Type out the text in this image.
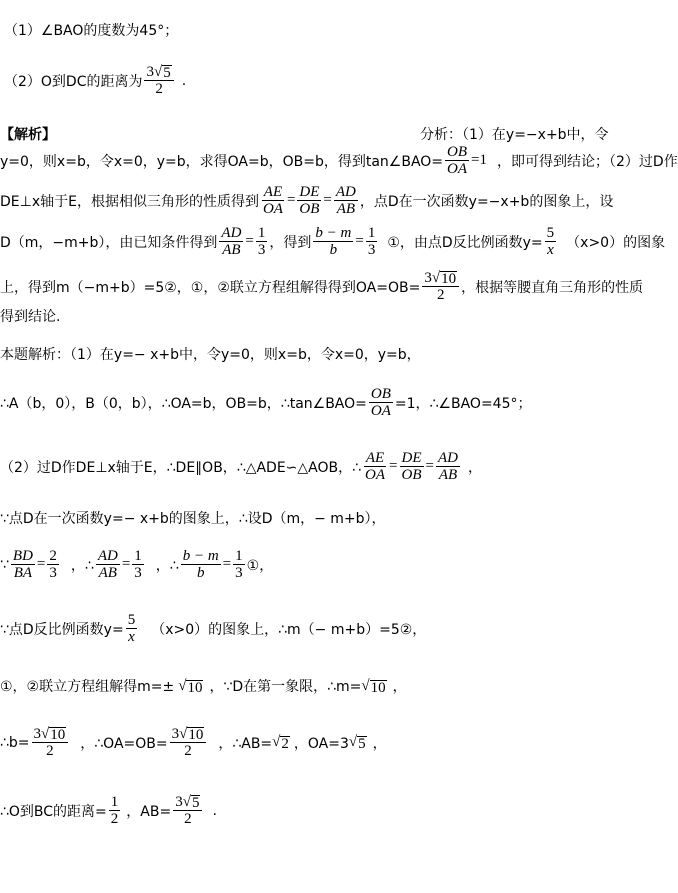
（1）∠BAO的度数为45°；
（2）O到DC的距离为 $\frac{3 √ 5}{2}$ .
【解析】	分析：（1）在y=−x+b中，令
y=0，则x=b，令x=0，y=b，求得OA=b，OB=b，得到tan∠BAO= $\frac{OB}{OA} =1$ ，即可得到结论；（2）过D作
DE⊥x轴于E，根据相似三角形的性质得到 $\frac{AE}{OA} = \frac{DE}{OB} = \frac{AD}{AB}$ ，点D在一次函数y=−x+b的图象上，设
D（m，−m+b），由已知条件得到 $\frac{AD}{AB} = \frac{1}{3}$ ，得到 $\frac{b - m}{b} = \frac{1}{3}$ ①，由点D反比例函数$y= \frac{5}{x} (x>0)$的图象
上，得到m（−m+b）=5②，①，②联立方程组解得得到$OA=OB= \frac{3 √ 10}{2}$ ，根据等腰直角三角形的性质
得到结论.
本题解析：（1）在y=− x+b中，令y=0，则x=b，令x=0，y=b，
∴A（b，0），B（0，b），∴OA=b，OB=b，∴tan∠BAO= $\frac{OB}{OA} =1$，∴∠BAO=45°；
（2）过D作DE⊥x轴于E，∴DE∥OB，∴△ADE∽△AOB，∴ $\frac{AE}{OA} = \frac{DE}{OB} = \frac{AD}{AB}$ ，
∵点D在一次函数y=− x+b的图象上，∴设D（m，− m+b），
∵ $\frac{BD}{BA} = \frac{2}{3}$ ，∴ $\frac{AD}{AB} = \frac{1}{3}$ ，∴ $\frac{b - m}{b} = \frac{1}{3}$ ①，
∵点D反比例函数$y= \frac{5}{x} (x>0)$的图象上，∴m（− m+b）=5②，
①，②联立方程组解得m=± √ 10 ，∵D在第一象限，∴m= √ 10 ，
∴b= $\frac{3 √ 10}{2}$ ，∴OA=OB= $\frac{3 √ 10}{2}$ ，∴AB= √ 2 ，OA=3 √ 5 ，
∴O到BC的距离= $\frac{1}{2}$ ，$AB= \frac{3 √ 5}{2}$ .
